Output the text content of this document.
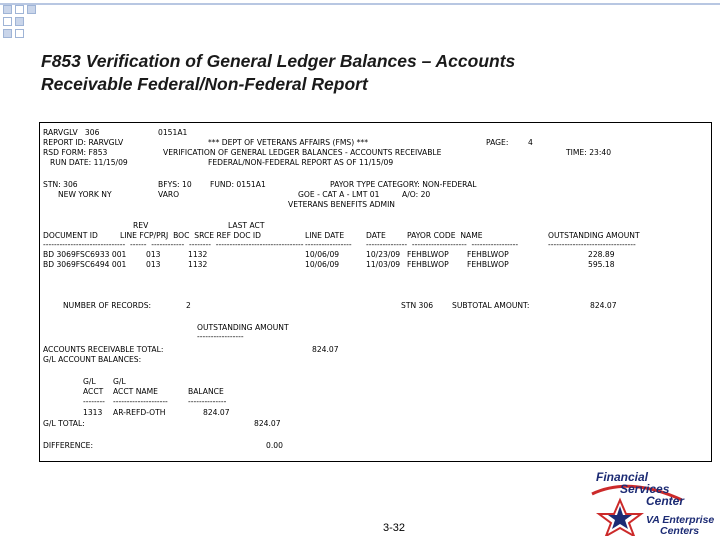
F853 Verification of General Ledger Balances – Accounts
Receivable Federal/Non-Federal Report
RARVGLV   306	0151A1
REPORT ID: RARVGLV	*** DEPT OF VETERANS AFFAIRS (FMS) ***	PAGE:	4
RSD FORM: F853	VERIFICATION OF GENERAL LEDGER BALANCES - ACCOUNTS RECEIVABLE	TIME: 23:40
RUN DATE: 11/15/09	FEDERAL/NON-FEDERAL REPORT AS OF 11/15/09
STN: 306	BFYS: 10 FUND: 0151A1	PAYOR TYPE CATEGORY: NON-FEDERAL
NEW YORK NY	VARO	GOE - CAT A - LMT 01	A/O: 20
VETERANS BENEFITS ADMIN
REV	LAST ACT
DOCUMENT ID	LINE FCP/PRJ  BOC  SRCE REF DOC ID	LINE DATE	DATE	PAYOR CODE  NAME	OUTSTANDING AMOUNT
------------------------------  ------  ------------  --------  -------------------------------- ----------------- ---------------  --------------------  -----------------	--------------------------------
BD 3069FSC6933 001	013	1132	10/06/09	10/23/09 FEHBLWOP FEHBLWOP	228.89
BD 3069FSC6494 001	013	1132	10/06/09	11/03/09 FEHBLWOP FEHBLWOP	595.18
NUMBER OF RECORDS:	2	STN 306 SUBTOTAL AMOUNT:	824.07
OUTSTANDING AMOUNT
-----------------
ACCOUNTS RECEIVABLE TOTAL:	824.07
G/L ACCOUNT BALANCES:
G/L G/L
ACCT ACCT NAME	BALANCE
-------- --------------------	--------------
1313 AR-REFD-OTH	824.07
G/L TOTAL:	824.07
DIFFERENCE:	0.00
3-32
Financial
Services
Center
VA Enterprise
Centers
